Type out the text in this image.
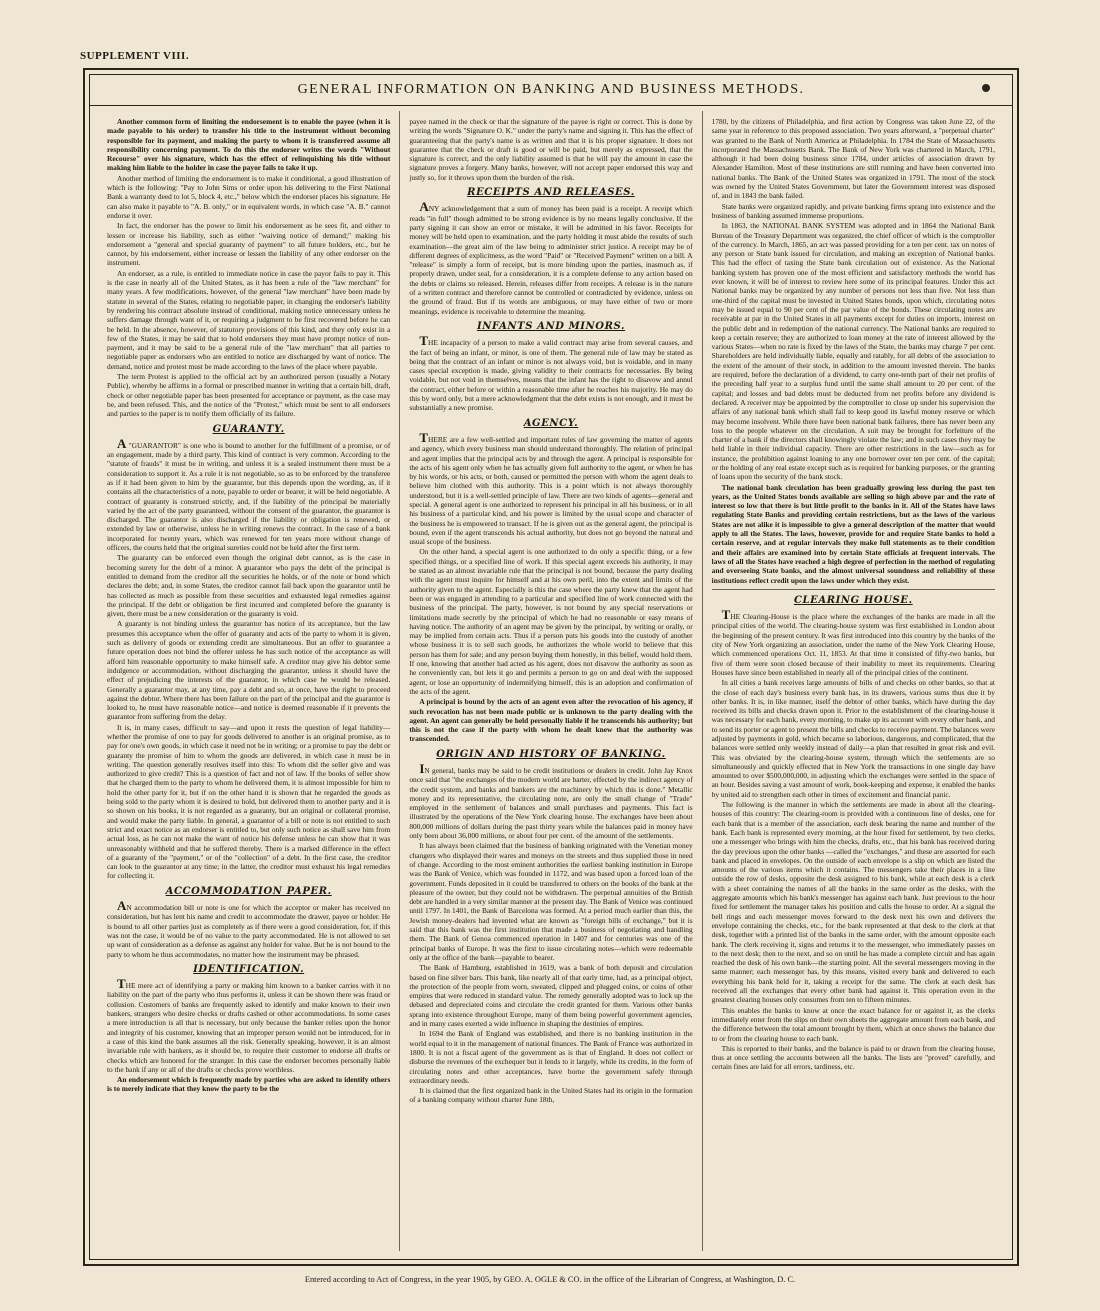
SUPPLEMENT VIII.
GENERAL INFORMATION ON BANKING AND BUSINESS METHODS.

Another common form of limiting the endorsement is to enable the payee (when it is made payable to his order) to transfer his title to the instrument without becoming responsible for its payment, and making the party to whom it is transferred assume all responsibility concerning payment. To do this the endorser writes the words "Without Recourse" over his signature, which has the effect of relinquishing his title without making him liable to the holder in case the payor fails to take it up.

Another method of limiting the endorsement is to make it conditional, a good illustration of which is the following: "Pay to John Sims or order upon his delivering to the First National Bank a warranty deed to lot 5, block 4, etc.," below which the endorser places his signature. He can also make it payable to "A. B. only," or in equivalent words, in which case "A. B." cannot endorse it over.

In fact, the endorser has the power to limit his endorsement as he sees fit, and either to lessen or increase his liability, such as either "waiving notice of demand;" making his endorsement a "general and special guaranty of payment" to all future holders, etc., but he cannot, by his endorsement, either increase or lessen the liability of any other endorser on the instrument.

An endorser, as a rule, is entitled to immediate notice in case the payor fails to pay it. This is the case in nearly all of the United States, as it has been a rule of the "law merchant" for many years. A few modifications, however, of the general "law merchant" have been made by statute in several of the States, relating to negotiable paper, in changing the endorser's liability by rendering his contract absolute instead of conditional, making notice unnecessary unless he suffers damage through want of it, or requiring a judgment to be first recovered before he can be held. In the absence, however, of statutory provisions of this kind, and they only exist in a few of the States, it may be said that to hold endorsers they must have prompt notice of non-payment, and it may be said to be a general rule of the "law merchant" that all parties to negotiable paper as endorsers who are entitled to notice are discharged by want of notice. The demand, notice and protest must be made according to the laws of the place where payable.

The term Protest is applied to the official act by an authorized person (usually a Notary Public), whereby he affirms in a formal or prescribed manner in writing that a certain bill, draft, check or other negotiable paper has been presented for acceptance or payment, as the case may be, and been refused. This, and the notice of the "Protest," which must be sent to all endorsers and parties to the paper is to notify them officially of its failure.

GUARANTY.

A "GUARANTOR" is one who is bound to another for the fulfillment of a promise, or of an engagement, made by a third party. This kind of contract is very common. According to the "statute of frauds" it must be in writing, and unless it is a sealed instrument there must be a consideration to support it. As a rule it is not negotiable, so as to be enforced by the transferee as if it had been given to him by the guarantor, but this depends upon the wording, as, if it contains all the characteristics of a note, payable to order or bearer, it will be held negotiable. A contract of guaranty is construed strictly, and, if the liability of the principal be materially varied by the act of the party guaranteed, without the consent of the guarantor, the guarantor is discharged. The guarantor is also discharged if the liability or obligation is renewed, or extended by law or otherwise, unless he in writing renews the contract. In the case of a bank incorporated for twenty years, which was renewed for ten years more without change of officers, the courts held that the original sureties could not be held after the first term.

The guaranty can be enforced even though the original debt cannot, as is the case in becoming surety for the debt of a minor. A guarantor who pays the debt of the principal is entitled to demand from the creditor all the securities he holds, or of the note or bond which declares the debt; and, in some States, the creditor cannot fail back upon the guarantor until he has collected as much as possible from these securities and exhausted legal remedies against the principal. If the debt or obligation be first incurred and completed before the guaranty is given, there must be a new consideration or the guaranty is void.

A guaranty is not binding unless the guarantor has notice of its acceptance, but the law presumes this acceptance when the offer of guaranty and acts of the party to whom it is given, such as delivery of goods or extending credit are simultaneous. But an offer to guarantee a future operation does not bind the offerer unless he has such notice of the acceptance as will afford him reasonable opportunity to make himself safe. A creditor may give his debtor some indulgence or accommodation, without discharging the guarantor, unless it should have the effect of prejudicing the interests of the guarantor, in which case he would be released. Generally a guarantor may, at any time, pay a debt and so, at once, have the right to proceed against the debtor. Where there has been failure on the part of the principal and the guarantor is looked to, he must have reasonable notice—and notice is deemed reasonable if it prevents the guarantor from suffering from the delay.

It is, in many cases, difficult to say—and upon it rests the question of legal liability—whether the promise of one to pay for goods delivered to another is an original promise, as to pay for one's own goods, in which case it need not be in writing; or a promise to pay the debt or guaranty the promise of him to whom the goods are delivered, in which case it must be in writing. The question generally resolves itself into this: To whom did the seller give and was authorized to give credit? This is a question of fact and not of law. If the books of seller show that he charged them to the party to whom he delivered them, it is almost impossible for him to hold the other party for it, but if on the other hand it is shown that he regarded the goods as being sold to the party whom it is desired to hold, but delivered them to another party and it is so shown on his books, it is not regarded as a guaranty, but an original or collateral promise, and would make the party liable. In general, a guarantor of a bill or note is not entitled to such strict and exact notice as an endorser is entitled to, but only such notice as shall save him from actual loss, as he can not make the want of notice his defense unless he can show that it was unreasonably withheld and that he suffered thereby. There is a marked difference in the effect of a guaranty of the "payment," or of the "collection" of a debt. In the first case, the creditor can look to the guarantor at any time; in the latter, the creditor must exhaust his legal remedies for collecting it.

ACCOMMODATION PAPER.

AN accommodation bill or note is one for which the acceptor or maker has received no consideration, but has lent his name and credit to accommodate the drawer, payee or holder. He is bound to all other parties just as completely as if there were a good consideration, for, if this was not the case, it would be of no value to the party accommodated. He is not allowed to set up want of consideration as a defense as against any holder for value. But he is not bound to the party to whom he thus accommodates, no matter how the instrument may be phrased.

IDENTIFICATION.

THE mere act of identifying a party or making him known to a banker carries with it no liability on the part of the party who thus performs it, unless it can be shown there was fraud or collusion. Customers of banks are frequently asked to identify and make known to their own bankers, strangers who desire checks or drafts cashed or other accommodations. In some cases a mere introduction is all that is necessary, but only because the banker relies upon the honor and integrity of his customer, knowing that an improper person would not be introduced, for in a case of this kind the bank assumes all the risk. Generally speaking, however, it is an almost invariable rule with bankers, as it should be, to require their customer to endorse all drafts or checks which are honored for the stranger. In this case the endorser becomes personally liable to the bank if any or all of the drafts or checks prove worthless.

An endorsement which is frequently made by parties who are asked to identify others is to merely indicate that they know the party to be the

payee named in the check or that the signature of the payee is right or correct. This is done by writing the words "Signature O. K." under the party's name and signing it. This has the effect of guaranteeing that the party's name is as written and that it is his proper signature. It does not guarantee that the check or draft is good or will be paid, but merely as expressed, that the signature is correct, and the only liability assumed is that he will pay the amount in case the signature proves a forgery. Many banks, however, will not accept paper endorsed this way and justly so, for it throws upon them the burden of the risk.

RECEIPTS AND RELEASES.

ANY acknowledgement that a sum of money has been paid is a receipt. A receipt which reads "in full" though admitted to be strong evidence is by no means legally conclusive. If the party signing it can show an error or mistake, it will be admitted in his favor. Receipts for money will be held open to examination, and the party holding it must abide the results of such examination—the great aim of the law being to administer strict justice. A receipt may be of different degrees of explicitness, as the word "Paid" or "Received Payment" written on a bill. A "release" is simply a form of receipt, but is more binding upon the parties, inasmuch as, if properly drawn, under seal, for a consideration, it is a complete defense to any action based on the debts or claims so released. Herein, releases differ from receipts. A release is in the nature of a written contract and therefore cannot be controlled or contradicted by evidence, unless on the ground of fraud. But if its words are ambiguous, or may have either of two or more meanings, evidence is receivable to determine the meaning.

INFANTS AND MINORS.

THE incapacity of a person to make a valid contract may arise from several causes, and the fact of being an infant, or minor, is one of them. The general rule of law may be stated as being that the contract of an infant or minor is not always void, but is voidable, and in many cases special exception is made, giving validity to their contracts for necessaries. By being voidable, but not void in themselves, means that the infant has the right to disavow and annul the contract, either before or within a reasonable time after he reaches his majority. He may do this by word only, but a mere acknowledgment that the debt exists is not enough, and it must be substantially a new promise.

AGENCY.

THERE are a few well-settled and important rules of law governing the matter of agents and agency, which every business man should understand thoroughly. The relation of principal and agent implies that the principal acts by and through the agent. A principal is responsible for the acts of his agent only when he has actually given full authority to the agent, or when he has by his words, or his acts, or both, caused or permitted the person with whom the agent deals to believe him clothed with this authority. This is a point which is not always thoroughly understood, but it is a well-settled principle of law. There are two kinds of agents—general and special. A general agent is one authorized to represent his principal in all his business, or in all his business of a particular kind, and his power is limited by the usual scope and character of the business he is empowered to transact. If he is given out as the general agent, the principal is bound, even if the agent transcends his actual authority, but does not go beyond the natural and usual scope of the business.

On the other hand, a special agent is one authorized to do only a specific thing, or a few specified things, or a specified line of work. If this special agent exceeds his authority, it may be stated as an almost invariable rule that the principal is not bound, because the party dealing with the agent must inquire for himself and at his own peril, into the extent and limits of the authority given to the agent. Especially is this the case where the party knew that the agent had been or was engaged in attending to a particular and specified line of work connected with the business of the principal. The party, however, is not bound by any special reservations or limitations made secretly by the principal of which he had no reasonable or easy means of having notice. The authority of an agent may be given by the principal, by writing or orally, or may be implied from certain acts. Thus if a person puts his goods into the custody of another whose business it is to sell such goods, he authorizes the whole world to believe that this person has them for sale; and any person buying them honestly, in this belief, would hold them. If one, knowing that another had acted as his agent, does not disavow the authority as soon as he conveniently can, but lets it go and permits a person to go on and deal with the supposed agent, or lose an opportunity of indemnifying himself, this is an adoption and confirmation of the acts of the agent.

A principal is bound by the acts of an agent even after the revocation of his agency, if such revocation has not been made public or is unknown to the party dealing with the agent. An agent can generally be held personally liable if he transcends his authority; but this is not the case if the party with whom he dealt knew that the authority was transcended.

ORIGIN AND HISTORY OF BANKING.

IN general, banks may be said to be credit institutions or dealers in credit. John Jay Knox once said that "the exchanges of the modern world are barter, effected by the indirect agency of the credit system, and banks and bankers are the machinery by which this is done." Metallic money and its representative, the circulating note, are only the small change of "Trade" employed in the settlement of balances and small purchases and payments. This fact is illustrated by the operations of the New York clearing house. The exchanges have been about 800,000 millions of dollars during the past thirty years while the balances paid in money have only been about 36,000 millions, or about four per cent. of the amount of the settlements.

It has always been claimed that the business of banking originated with the Venetian money changers who displayed their wares and moneys on the streets and thus supplied those in need of change. According to the most eminent authorities the earliest banking institution in Europe was the Bank of Venice, which was founded in 1172, and was based upon a forced loan of the government. Funds deposited in it could be transferred to others on the books of the bank at the pleasure of the owner, but they could not be withdrawn. The perpetual annuities of the British debt are handled in a very similar manner at the present day. The Bank of Venice was continued until 1797. In 1401, the Bank of Barcelona was formed. At a period much earlier than this, the Jewish money-dealers had invented what are known as "foreign bills of exchange," but it is said that this bank was the first institution that made a business of negotiating and handling them. The Bank of Genoa commenced operation in 1407 and for centuries was one of the principal banks of Europe. It was the first to issue circulating notes—which were redeemable only at the office of the bank—payable to bearer.

The Bank of Hamburg, established in 1619, was a bank of both deposit and circulation based on fine silver bars. This bank, like nearly all of that early time, had, as a principal object, the protection of the people from worn, sweated, clipped and plugged coins, or coins of other empires that were reduced in standard value. The remedy generally adopted was to lock up the debased and depreciated coins and circulate the credit granted for them. Various other banks sprang into existence throughout Europe, many of them being powerful government agencies, and in many cases exerted a wide influence in shaping the destinies of empires.

In 1694 the Bank of England was established, and there is no banking institution in the world equal to it in the management of national finances. The Bank of France was authorized in 1800. It is not a fiscal agent of the government as is that of England. It does not collect or disburse the revenues of the exchequer but it lends to it largely, while its credits, in the form of circulating notes and other acceptances, have borne the government safely through extraordinary needs.

It is claimed that the first organized bank in the United States had its origin in the formation of a banking company without charter June 18th,

1780, by the citizens of Philadelphia, and first action by Congress was taken June 22, of the same year in reference to this proposed association. Two years afterward, a "perpetual charter" was granted to the Bank of North America at Philadelphia. In 1784 the State of Massachusetts incorporated the Massachusetts Bank. The Bank of New York was chartered in March, 1791, although it had been doing business since 1784, under articles of association drawn by Alexander Hamilton. Most of these institutions are still running and have been converted into national banks. The Bank of the United States was organized in 1791. The most of the stock was owned by the United States Government, but later the Government interest was disposed of, and in 1843 the bank failed.

State banks were organized rapidly, and private banking firms sprang into existence and the business of banking assumed immense proportions.

In 1863, the NATIONAL BANK SYSTEM was adopted and in 1864 the National Bank Bureau of the Treasury Department was organized, the chief officer of which is the comptroller of the currency. In March, 1865, an act was passed providing for a ten per cent. tax on notes of any person or State bank issued for circulation, and making an exception of National banks. This had the effect of taxing the State bank circulation out of existence. As the National banking system has proven one of the most efficient and satisfactory methods the world has ever known, it will be of interest to review here some of its principal features. Under this act National banks may be organized by any number of persons not less than five. Not less than one-third of the capital must be invested in United States bonds, upon which, circulating notes may be issued equal to 90 per cent of the par value of the bonds. These circulating notes are receivable at par in the United States in all payments except for duties on imports, interest on the public debt and in redemption of the national currency. The National banks are required to keep a certain reserve; they are authorized to loan money at the rate of interest allowed by the various States—when no rate is fixed by the laws of the State, the banks may charge 7 per cent. Shareholders are held individually liable, equally and ratably, for all debts of the association to the extent of the amount of their stock, in addition to the amount invested therein. The banks are required, before the declaration of a dividend, to carry one-tenth part of their net profits of the preceding half year to a surplus fund until the same shall amount to 20 per cent. of the capital; and losses and bad debts must be deducted from net profits before any dividend is declared. A receiver may be appointed by the comptroller to close up under his supervision the affairs of any national bank which shall fail to keep good its lawful money reserve or which may become insolvent. While there have been national bank failures, there has never been any loss to the people whatever on the circulation. A suit may be brought for forfeiture of the charter of a bank if the directors shall knowingly violate the law; and in such cases they may be held liable in their individual capacity. There are other restrictions in the law—such as for instance, the prohibition against loaning to any one borrower over ten per cent. of the capital; or the holding of any real estate except such as is required for banking purposes, or the granting of loans upon the security of the bank stock.

The national bank circulation has been gradually growing less during the past ten years, as the United States bonds available are selling so high above par and the rate of interest so low that there is but little profit to the banks in it. All of the States have laws regulating State Banks and providing certain restrictions, but as the laws of the various States are not alike it is impossible to give a general description of the matter that would apply to all the States. The laws, however, provide for and require State banks to hold a certain reserve, and at regular intervals they make full statements as to their condition and their affairs are examined into by certain State officials at frequent intervals. The laws of all the States have reached a high degree of perfection in the method of regulating and overseeing State banks, and the almost universal soundness and reliability of these institutions reflect credit upon the laws under which they exist.

CLEARING HOUSE.

THE Clearing-House is the place where the exchanges of the banks are made in all the principal cities of the world. The clearing-house system was first established in London about the beginning of the present century. It was first introduced into this country by the banks of the city of New York organizing an association, under the name of the New York Clearing House, which commenced operations Oct. 11, 1853. At that time it consisted of fifty-two banks, but five of them were soon closed because of their inability to meet its requirements. Clearing Houses have since been established in nearly all of the principal cities of the continent.

In all cities a bank receives large amounts of bills of and checks on other banks, so that at the close of each day's business every bank has, in its drawers, various sums thus due it by other banks. It is, in like manner, itself the debtor of other banks, which have during the day received its bills and checks drawn upon it. Prior to the establishment of the clearing-house it was necessary for each bank, every morning, to make up its account with every other bank, and to send its porter or agent to present the bills and checks to receive payment. The balances were adjusted by payments in gold, which became so laborious, dangerous, and complicated, that the balances were settled only weekly instead of daily—a plan that resulted in great risk and evil. This was obviated by the clearing-house system, through which the settlements are so simultaneously and quickly effected that in New York the transactions in one single day have amounted to over $500,000,000, in adjusting which the exchanges were settled in the space of an hour. Besides saving a vast amount of work, book-keeping and expense, it enabled the banks by united aid to strengthen each other in times of excitement and financial panic.

The following is the manner in which the settlements are made in about all the clearing-houses of this country: The clearing-room is provided with a continuous line of desks, one for each bank that is a member of the association, each desk bearing the name and number of the bank. Each bank is represented every morning, at the hour fixed for settlement, by two clerks, one a messenger who brings with him the checks, drafts, etc., that his bank has received during the day previous upon the other banks —called the "exchanges," and these are assorted for each bank and placed in envelopes. On the outside of each envelope is a slip on which are listed the amounts of the various items which it contains. The messengers take their places in a line outside the row of desks, opposite the desk assigned to his bank, while at each desk is a clerk with a sheet containing the names of all the banks in the same order as the desks, with the aggregate amounts which his bank's messenger has against each bank. Just previous to the hour fixed for settlement the manager takes his position and calls the house to order. At a signal the bell rings and each messenger moves forward to the desk next his own and delivers the envelope containing the checks, etc., for the bank represented at that desk to the clerk at that desk, together with a printed list of the banks in the same order, with the amount opposite each bank. The clerk receiving it, signs and returns it to the messenger, who immediately passes on to the next desk; then to the next, and so on until he has made a complete circuit and has again reached the desk of his own bank—the starting point. All the several messengers moving in the same manner; each messenger has, by this means, visited every bank and delivered to each everything his bank held for it, taking a receipt for the same. The clerk at each desk has received all the exchanges that every other bank had against it. This operation even in the greatest clearing houses only consumes from ten to fifteen minutes.

This enables the banks to know at once the exact balance for or against it, as the clerks immediately enter from the slips on their own sheets the aggregate amount from each bank, and the difference between the total amount brought by them, which at once shows the balance due to or from the clearing house to each bank.

This is reported to their banks, and the balance is paid to or drawn from the clearing house, thus at once settling the accounts between all the banks. The lists are "proved" carefully, and certain fines are laid for all errors, tardiness, etc.

Entered according to Act of Congress, in the year 1905, by GEO. A. OGLE & CO. in the office of the Librarian of Congress, at Washington, D. C.
